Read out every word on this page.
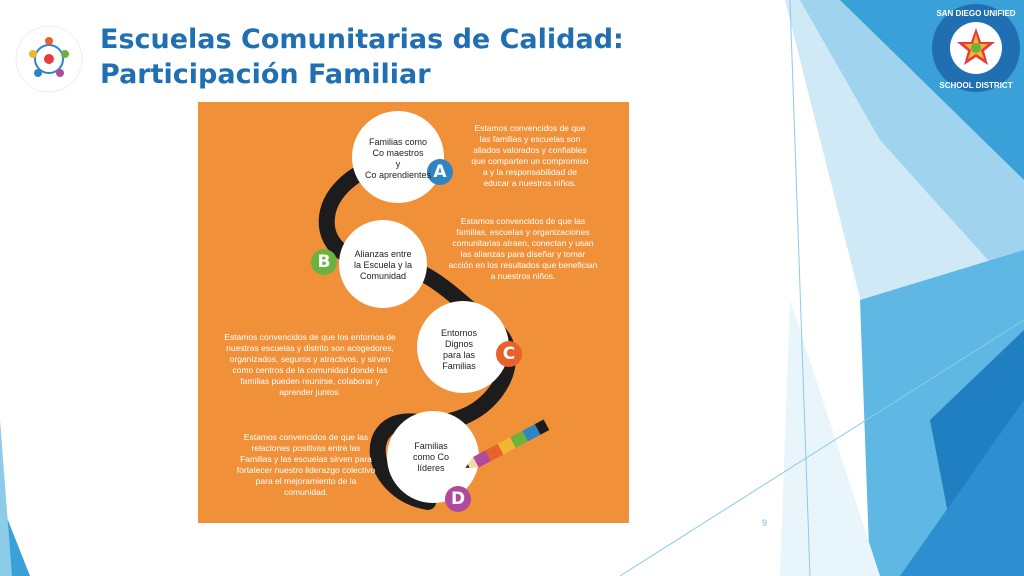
Escuelas Comunitarias de Calidad:
Participación Familiar
SAN DIEGO UNIFIED
SCHOOL DISTRICT
A
B
C
D
Familias como
Co maestros
y
Co aprendientes
Alianzas entre
la Escuela y la
Comunidad
Entornos
Dignos
para las
Familias
Familias
como Co
líderes
Estamos convencidos de que las familias y escuelas son aliados valorados y confiables que comparten un compromiso a y la responsabilidad de educar a nuestros niños.
Estamos convencidos de que las familias, escuelas y organizaciones comunitarias atraen, conectan y usan las alianzas para diseñar y tomar acción en los resultados que benefician a nuestros niños.
Estamos convencidos de que los entornos de nuestras escuelas y distrito son acogedores, organizados, seguros y atractivos, y sirven como centros de la comunidad donde las familias pueden reunirse, colaborar y aprender juntos.
Estamos convencidos de que las relaciones positivas entre las Familias y las escuelas sirven para fortalecer nuestro liderazgo colectivo para el mejoramiento de la comunidad.
9
